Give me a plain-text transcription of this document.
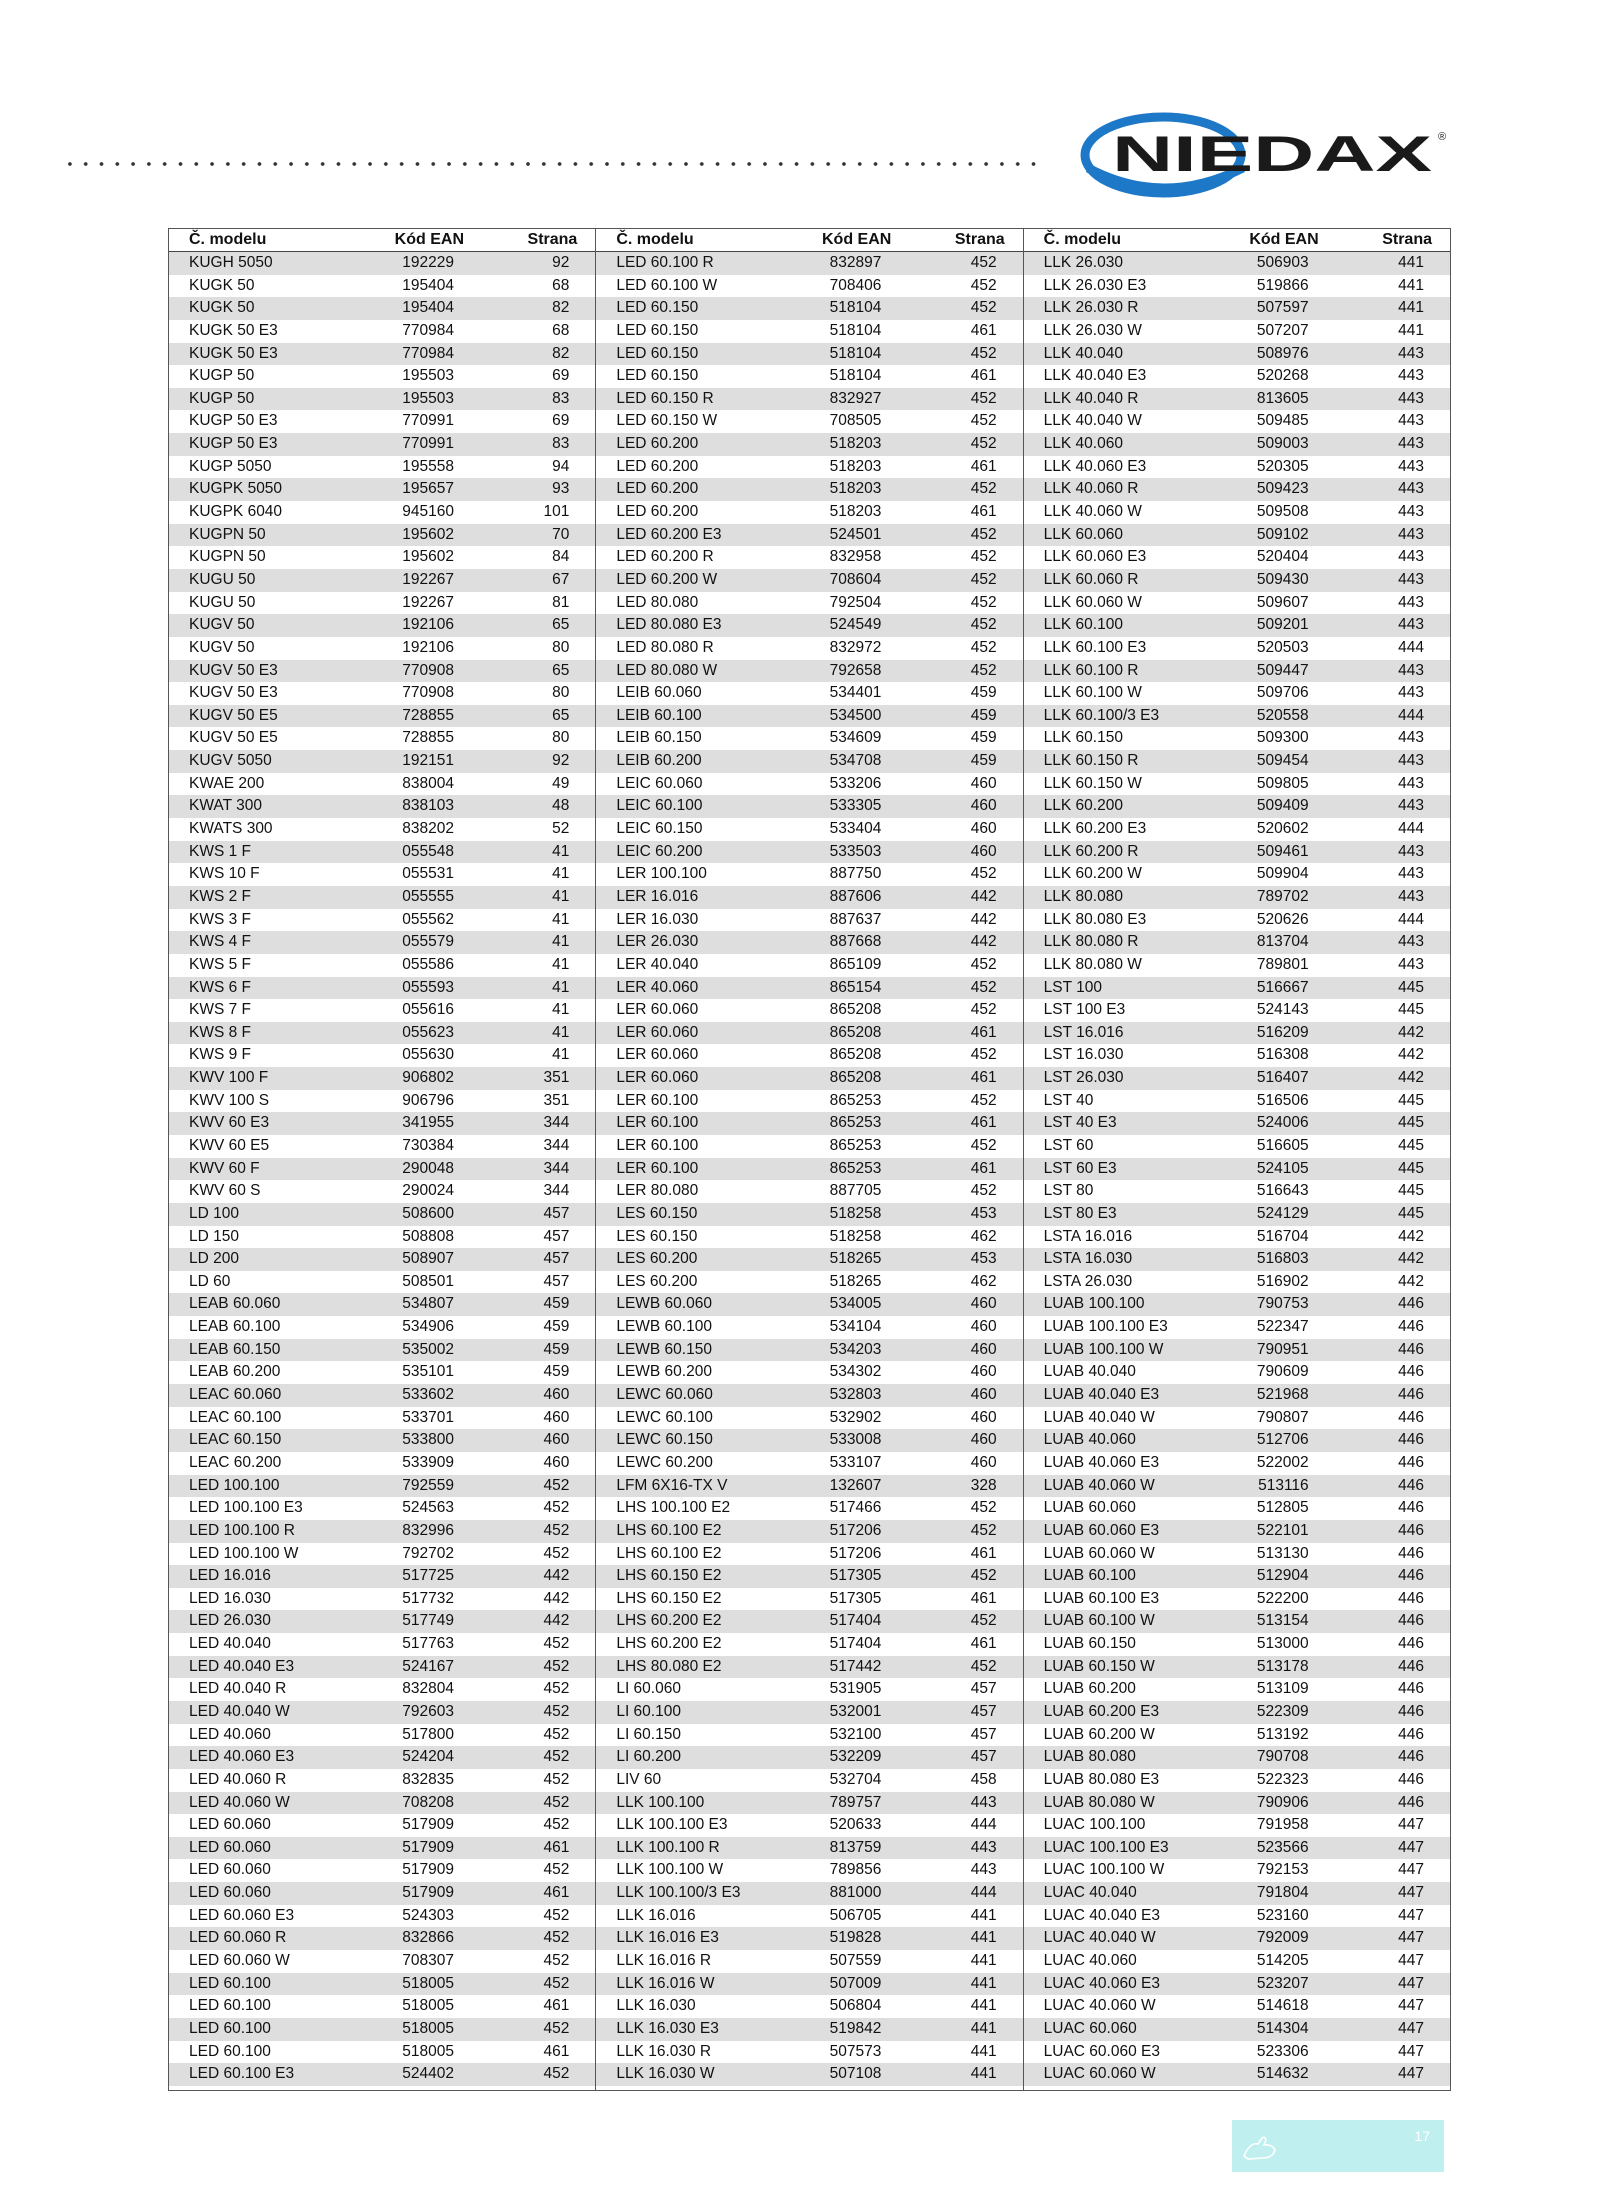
NIEDAX ®
Č. modelu	Kód EAN	Strana
KUGH 5050	192229	92
KUGK 50	195404	68
KUGK 50	195404	82
KUGK 50 E3	770984	68
KUGK 50 E3	770984	82
KUGP 50	195503	69
KUGP 50	195503	83
KUGP 50 E3	770991	69
KUGP 50 E3	770991	83
KUGP 5050	195558	94
KUGPK 5050	195657	93
KUGPK 6040	945160	101
KUGPN 50	195602	70
KUGPN 50	195602	84
KUGU 50	192267	67
KUGU 50	192267	81
KUGV 50	192106	65
KUGV 50	192106	80
KUGV 50 E3	770908	65
KUGV 50 E3	770908	80
KUGV 50 E5	728855	65
KUGV 50 E5	728855	80
KUGV 5050	192151	92
KWAE 200	838004	49
KWAT 300	838103	48
KWATS 300	838202	52
KWS 1 F	055548	41
KWS 10 F	055531	41
KWS 2 F	055555	41
KWS 3 F	055562	41
KWS 4 F	055579	41
KWS 5 F	055586	41
KWS 6 F	055593	41
KWS 7 F	055616	41
KWS 8 F	055623	41
KWS 9 F	055630	41
KWV 100 F	906802	351
KWV 100 S	906796	351
KWV 60 E3	341955	344
KWV 60 E5	730384	344
KWV 60 F	290048	344
KWV 60 S	290024	344
LD 100	508600	457
LD 150	508808	457
LD 200	508907	457
LD 60	508501	457
LEAB 60.060	534807	459
LEAB 60.100	534906	459
LEAB 60.150	535002	459
LEAB 60.200	535101	459
LEAC 60.060	533602	460
LEAC 60.100	533701	460
LEAC 60.150	533800	460
LEAC 60.200	533909	460
LED 100.100	792559	452
LED 100.100 E3	524563	452
LED 100.100 R	832996	452
LED 100.100 W	792702	452
LED 16.016	517725	442
LED 16.030	517732	442
LED 26.030	517749	442
LED 40.040	517763	452
LED 40.040 E3	524167	452
LED 40.040 R	832804	452
LED 40.040 W	792603	452
LED 40.060	517800	452
LED 40.060 E3	524204	452
LED 40.060 R	832835	452
LED 40.060 W	708208	452
LED 60.060	517909	452
LED 60.060	517909	461
LED 60.060	517909	452
LED 60.060	517909	461
LED 60.060 E3	524303	452
LED 60.060 R	832866	452
LED 60.060 W	708307	452
LED 60.100	518005	452
LED 60.100	518005	461
LED 60.100	518005	452
LED 60.100	518005	461
LED 60.100 E3	524402	452
Č. modelu	Kód EAN	Strana
LED 60.100 R	832897	452
LED 60.100 W	708406	452
LED 60.150	518104	452
LED 60.150	518104	461
LED 60.150	518104	452
LED 60.150	518104	461
LED 60.150 R	832927	452
LED 60.150 W	708505	452
LED 60.200	518203	452
LED 60.200	518203	461
LED 60.200	518203	452
LED 60.200	518203	461
LED 60.200 E3	524501	452
LED 60.200 R	832958	452
LED 60.200 W	708604	452
LED 80.080	792504	452
LED 80.080 E3	524549	452
LED 80.080 R	832972	452
LED 80.080 W	792658	452
LEIB 60.060	534401	459
LEIB 60.100	534500	459
LEIB 60.150	534609	459
LEIB 60.200	534708	459
LEIC 60.060	533206	460
LEIC 60.100	533305	460
LEIC 60.150	533404	460
LEIC 60.200	533503	460
LER 100.100	887750	452
LER 16.016	887606	442
LER 16.030	887637	442
LER 26.030	887668	442
LER 40.040	865109	452
LER 40.060	865154	452
LER 60.060	865208	452
LER 60.060	865208	461
LER 60.060	865208	452
LER 60.060	865208	461
LER 60.100	865253	452
LER 60.100	865253	461
LER 60.100	865253	452
LER 60.100	865253	461
LER 80.080	887705	452
LES 60.150	518258	453
LES 60.150	518258	462
LES 60.200	518265	453
LES 60.200	518265	462
LEWB 60.060	534005	460
LEWB 60.100	534104	460
LEWB 60.150	534203	460
LEWB 60.200	534302	460
LEWC 60.060	532803	460
LEWC 60.100	532902	460
LEWC 60.150	533008	460
LEWC 60.200	533107	460
LFM 6X16-TX V	132607	328
LHS 100.100 E2	517466	452
LHS 60.100 E2	517206	452
LHS 60.100 E2	517206	461
LHS 60.150 E2	517305	452
LHS 60.150 E2	517305	461
LHS 60.200 E2	517404	452
LHS 60.200 E2	517404	461
LHS 80.080 E2	517442	452
LI 60.060	531905	457
LI 60.100	532001	457
LI 60.150	532100	457
LI 60.200	532209	457
LIV 60	532704	458
LLK 100.100	789757	443
LLK 100.100 E3	520633	444
LLK 100.100 R	813759	443
LLK 100.100 W	789856	443
LLK 100.100/3 E3	881000	444
LLK 16.016	506705	441
LLK 16.016 E3	519828	441
LLK 16.016 R	507559	441
LLK 16.016 W	507009	441
LLK 16.030	506804	441
LLK 16.030 E3	519842	441
LLK 16.030 R	507573	441
LLK 16.030 W	507108	441
Č. modelu	Kód EAN	Strana
LLK 26.030	506903	441
LLK 26.030 E3	519866	441
LLK 26.030 R	507597	441
LLK 26.030 W	507207	441
LLK 40.040	508976	443
LLK 40.040 E3	520268	443
LLK 40.040 R	813605	443
LLK 40.040 W	509485	443
LLK 40.060	509003	443
LLK 40.060 E3	520305	443
LLK 40.060 R	509423	443
LLK 40.060 W	509508	443
LLK 60.060	509102	443
LLK 60.060 E3	520404	443
LLK 60.060 R	509430	443
LLK 60.060 W	509607	443
LLK 60.100	509201	443
LLK 60.100 E3	520503	444
LLK 60.100 R	509447	443
LLK 60.100 W	509706	443
LLK 60.100/3 E3	520558	444
LLK 60.150	509300	443
LLK 60.150 R	509454	443
LLK 60.150 W	509805	443
LLK 60.200	509409	443
LLK 60.200 E3	520602	444
LLK 60.200 R	509461	443
LLK 60.200 W	509904	443
LLK 80.080	789702	443
LLK 80.080 E3	520626	444
LLK 80.080 R	813704	443
LLK 80.080 W	789801	443
LST 100	516667	445
LST 100 E3	524143	445
LST 16.016	516209	442
LST 16.030	516308	442
LST 26.030	516407	442
LST 40	516506	445
LST 40 E3	524006	445
LST 60	516605	445
LST 60 E3	524105	445
LST 80	516643	445
LST 80 E3	524129	445
LSTA 16.016	516704	442
LSTA 16.030	516803	442
LSTA 26.030	516902	442
LUAB 100.100	790753	446
LUAB 100.100 E3	522347	446
LUAB 100.100 W	790951	446
LUAB 40.040	790609	446
LUAB 40.040 E3	521968	446
LUAB 40.040 W	790807	446
LUAB 40.060	512706	446
LUAB 40.060 E3	522002	446
LUAB 40.060 W	513116	446
LUAB 60.060	512805	446
LUAB 60.060 E3	522101	446
LUAB 60.060 W	513130	446
LUAB 60.100	512904	446
LUAB 60.100 E3	522200	446
LUAB 60.100 W	513154	446
LUAB 60.150	513000	446
LUAB 60.150 W	513178	446
LUAB 60.200	513109	446
LUAB 60.200 E3	522309	446
LUAB 60.200 W	513192	446
LUAB 80.080	790708	446
LUAB 80.080 E3	522323	446
LUAB 80.080 W	790906	446
LUAC 100.100	791958	447
LUAC 100.100 E3	523566	447
LUAC 100.100 W	792153	447
LUAC 40.040	791804	447
LUAC 40.040 E3	523160	447
LUAC 40.040 W	792009	447
LUAC 40.060	514205	447
LUAC 40.060 E3	523207	447
LUAC 40.060 W	514618	447
LUAC 60.060	514304	447
LUAC 60.060 E3	523306	447
LUAC 60.060 W	514632	447
17
